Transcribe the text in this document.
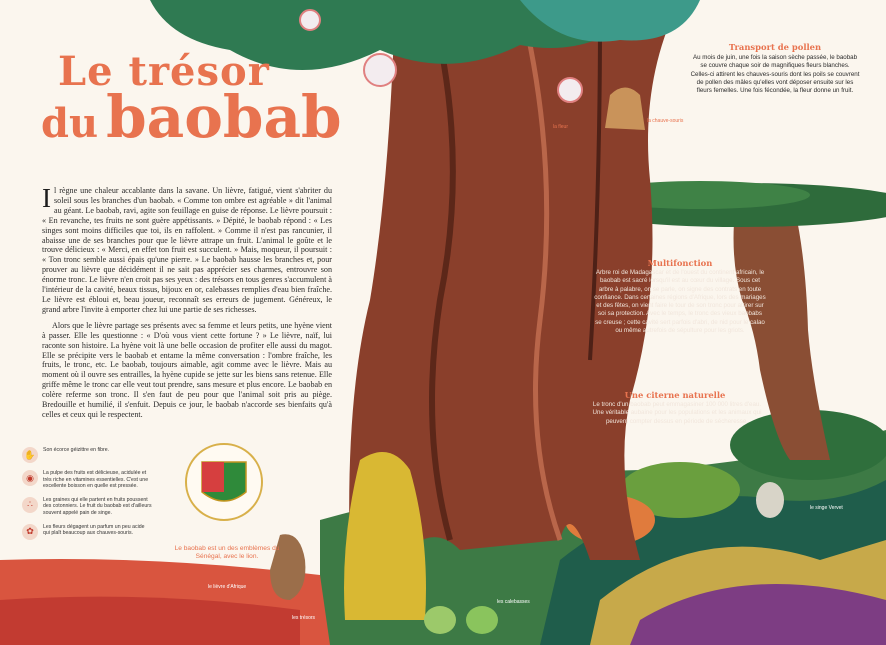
Le trésor
du baobab

Il règne une chaleur accablante dans la savane. Un lièvre, fatigué, vient s'abriter du soleil sous les branches d'un baobab. « Comme ton ombre est agréable » dit l'animal au géant. Le baobab, ravi, agite son feuillage en guise de réponse. Le lièvre poursuit : « En revanche, tes fruits ne sont guère appétissants. » Dépité, le baobab répond : « Les singes sont moins difficiles que toi, ils en raffolent. » Comme il n'est pas rancunier, il abaisse une de ses branches pour que le lièvre attrape un fruit. L'animal le goûte et le trouve délicieux : « Merci, en effet ton fruit est succulent. » Mais, moqueur, il poursuit : « Ton tronc semble aussi épais qu'une pierre. » Le baobab hausse les branches et, pour prouver au lièvre que décidément il ne sait pas apprécier ses charmes, entrouvre son énorme tronc. Le lièvre n'en croit pas ses yeux : des trésors en tous genres s'accumulent à l'intérieur de la cavité, beaux tissus, bijoux en or, calebasses remplies d'eau bien fraîche. Le lièvre est ébloui et, beau joueur, reconnaît ses erreurs de jugement. Généreux, le grand arbre l'invite à emporter chez lui une partie de ses richesses.

Alors que le lièvre partage ses présents avec sa femme et leurs petits, une hyène vient à passer. Elle les questionne : « D'où vous vient cette fortune ? » Le lièvre, naïf, lui raconte son histoire. La hyène voit là une belle occasion de profiter elle aussi du magot. Elle se précipite vers le baobab et entame la même conversation : l'ombre fraîche, les fruits, le tronc, etc. Le baobab, toujours aimable, agit comme avec le lièvre. Mais au moment où il ouvre ses entrailles, la hyène cupide se jette sur les biens sans retenue. Elle griffe même le tronc car elle veut tout prendre, sans mesure et plus encore. Le baobab en colère referme son tronc. Il s'en faut de peu pour que l'animal soit pris au piège. Bredouille et humilié, il s'enfuit. Depuis ce jour, le baobab n'accorde ses bienfaits qu'à celles et ceux qui le respectent.

✋	Son écorce géizittre en fibre.
◉	La pulpe des fruits est délicieuse, acidulée et très riche en vitamines essentielles. C'est une excellente boisson en quelle est pressée.
∴	Les graines qui elle partent en fruits poussent des cotonniers. Le fruit du baobab est d'ailleurs souvent appelé pain de singe.
✿	Les fleurs dégagent un parfum un peu acide qui plaît beaucoup aux chauves-souris.
Le baobab est un des emblèmes du Sénégal, avec le lion.
Transport de pollen
Au mois de juin, une fois la saison sèche passée, le baobab se couvre chaque soir de magnifiques fleurs blanches. Celles-ci attirent les chauves-souris dont les poils se couvrent de pollen des mâles qu'elles vont déposer ensuite sur les fleurs femelles. Une fois fécondée, la fleur donne un fruit.
Multifonction
Arbre roi de Madagascar et de l'ouest du continent africain, le baobab est sacré lorsqu'il est au cœur du village. Sous cet arbre à palabre, on se parle, on signe des contrats en toute confiance. Dans certaines régions d'Afrique, lors des mariages et des fêtes, on vient faire le tour de son tronc pour attirer sur soi sa protection. Avec le temps, le tronc des vieux baobabs se creuse ; cette cavité sert parfois d'abri, de nid pour le calao ou même autrefois de sépulture pour les griots.
Une citerne naturelle
Le tronc d'un baobab peut emmagasiner 100 000 litres d'eau. Une véritable aubaine pour les populations et les animaux qui peuvent compter dessus en période de sécheresse.
la fleur
la chauve-souris
le singe Vervet
le lièvre d'Afrique
les trésors
les calebasses
